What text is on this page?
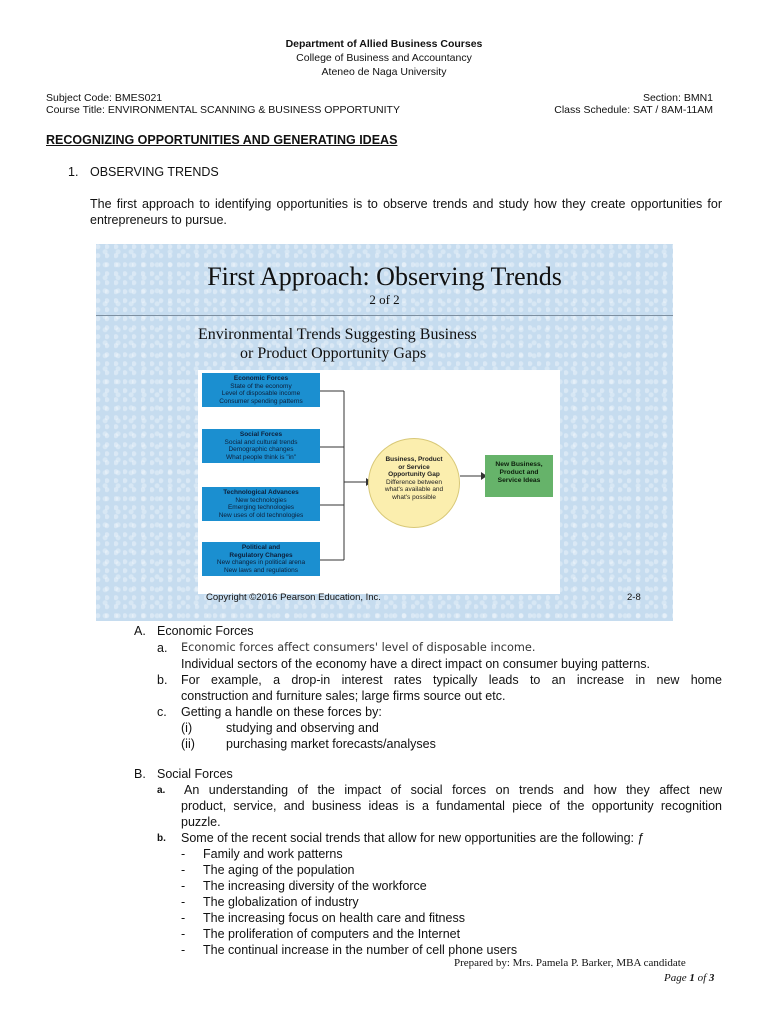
Department of Allied Business Courses
College of Business and Accountancy
Ateneo de Naga University
Subject Code: BMES021
Course Title: ENVIRONMENTAL SCANNING & BUSINESS OPPORTUNITY
Section: BMN1
Class Schedule: SAT / 8AM-11AM
RECOGNIZING OPPORTUNITIES AND GENERATING IDEAS
1. OBSERVING TRENDS
The first approach to identifying opportunities is to observe trends and study how they create opportunities for entrepreneurs to pursue.
First Approach: Observing Trends
2 of 2
Environmental Trends Suggesting Business
or Product Opportunity Gaps
Economic Forces
State of the economy
Level of disposable income
Consumer spending patterns
Social Forces
Social and cultural trends
Demographic changes
What people think is "in"
Technological Advances
New technologies
Emerging technologies
New uses of old technologies
Political and
Regulatory Changes
New changes in political arena
New laws and regulations
Business, Product
or Service
Opportunity Gap
Difference between
what's available and
what's possible
New Business,
Product and
Service Ideas
Copyright ©2016 Pearson Education, Inc.	2-8
A. Economic Forces
a. Economic forces affect consumers' level of disposable income.
Individual sectors of the economy have a direct impact on consumer buying patterns.
b. For example, a drop-in interest rates typically leads to an increase in new home
construction and furniture sales; large firms source out etc.
c. Getting a handle on these forces by:
(i)	studying and observing and
(ii) purchasing market forecasts/analyses
B. Social Forces
a. An understanding of the impact of social forces on trends and how they affect new
product, service, and business ideas is a fundamental piece of the opportunity recognition
puzzle.
b. Some of the recent social trends that allow for new opportunities are the following: ƒ
- Family and work patterns
- The aging of the population
- The increasing diversity of the workforce
- The globalization of industry
- The increasing focus on health care and fitness
- The proliferation of computers and the Internet
- The continual increase in the number of cell phone users
Prepared by: Mrs. Pamela P. Barker, MBA candidate
Page 1 of 3
